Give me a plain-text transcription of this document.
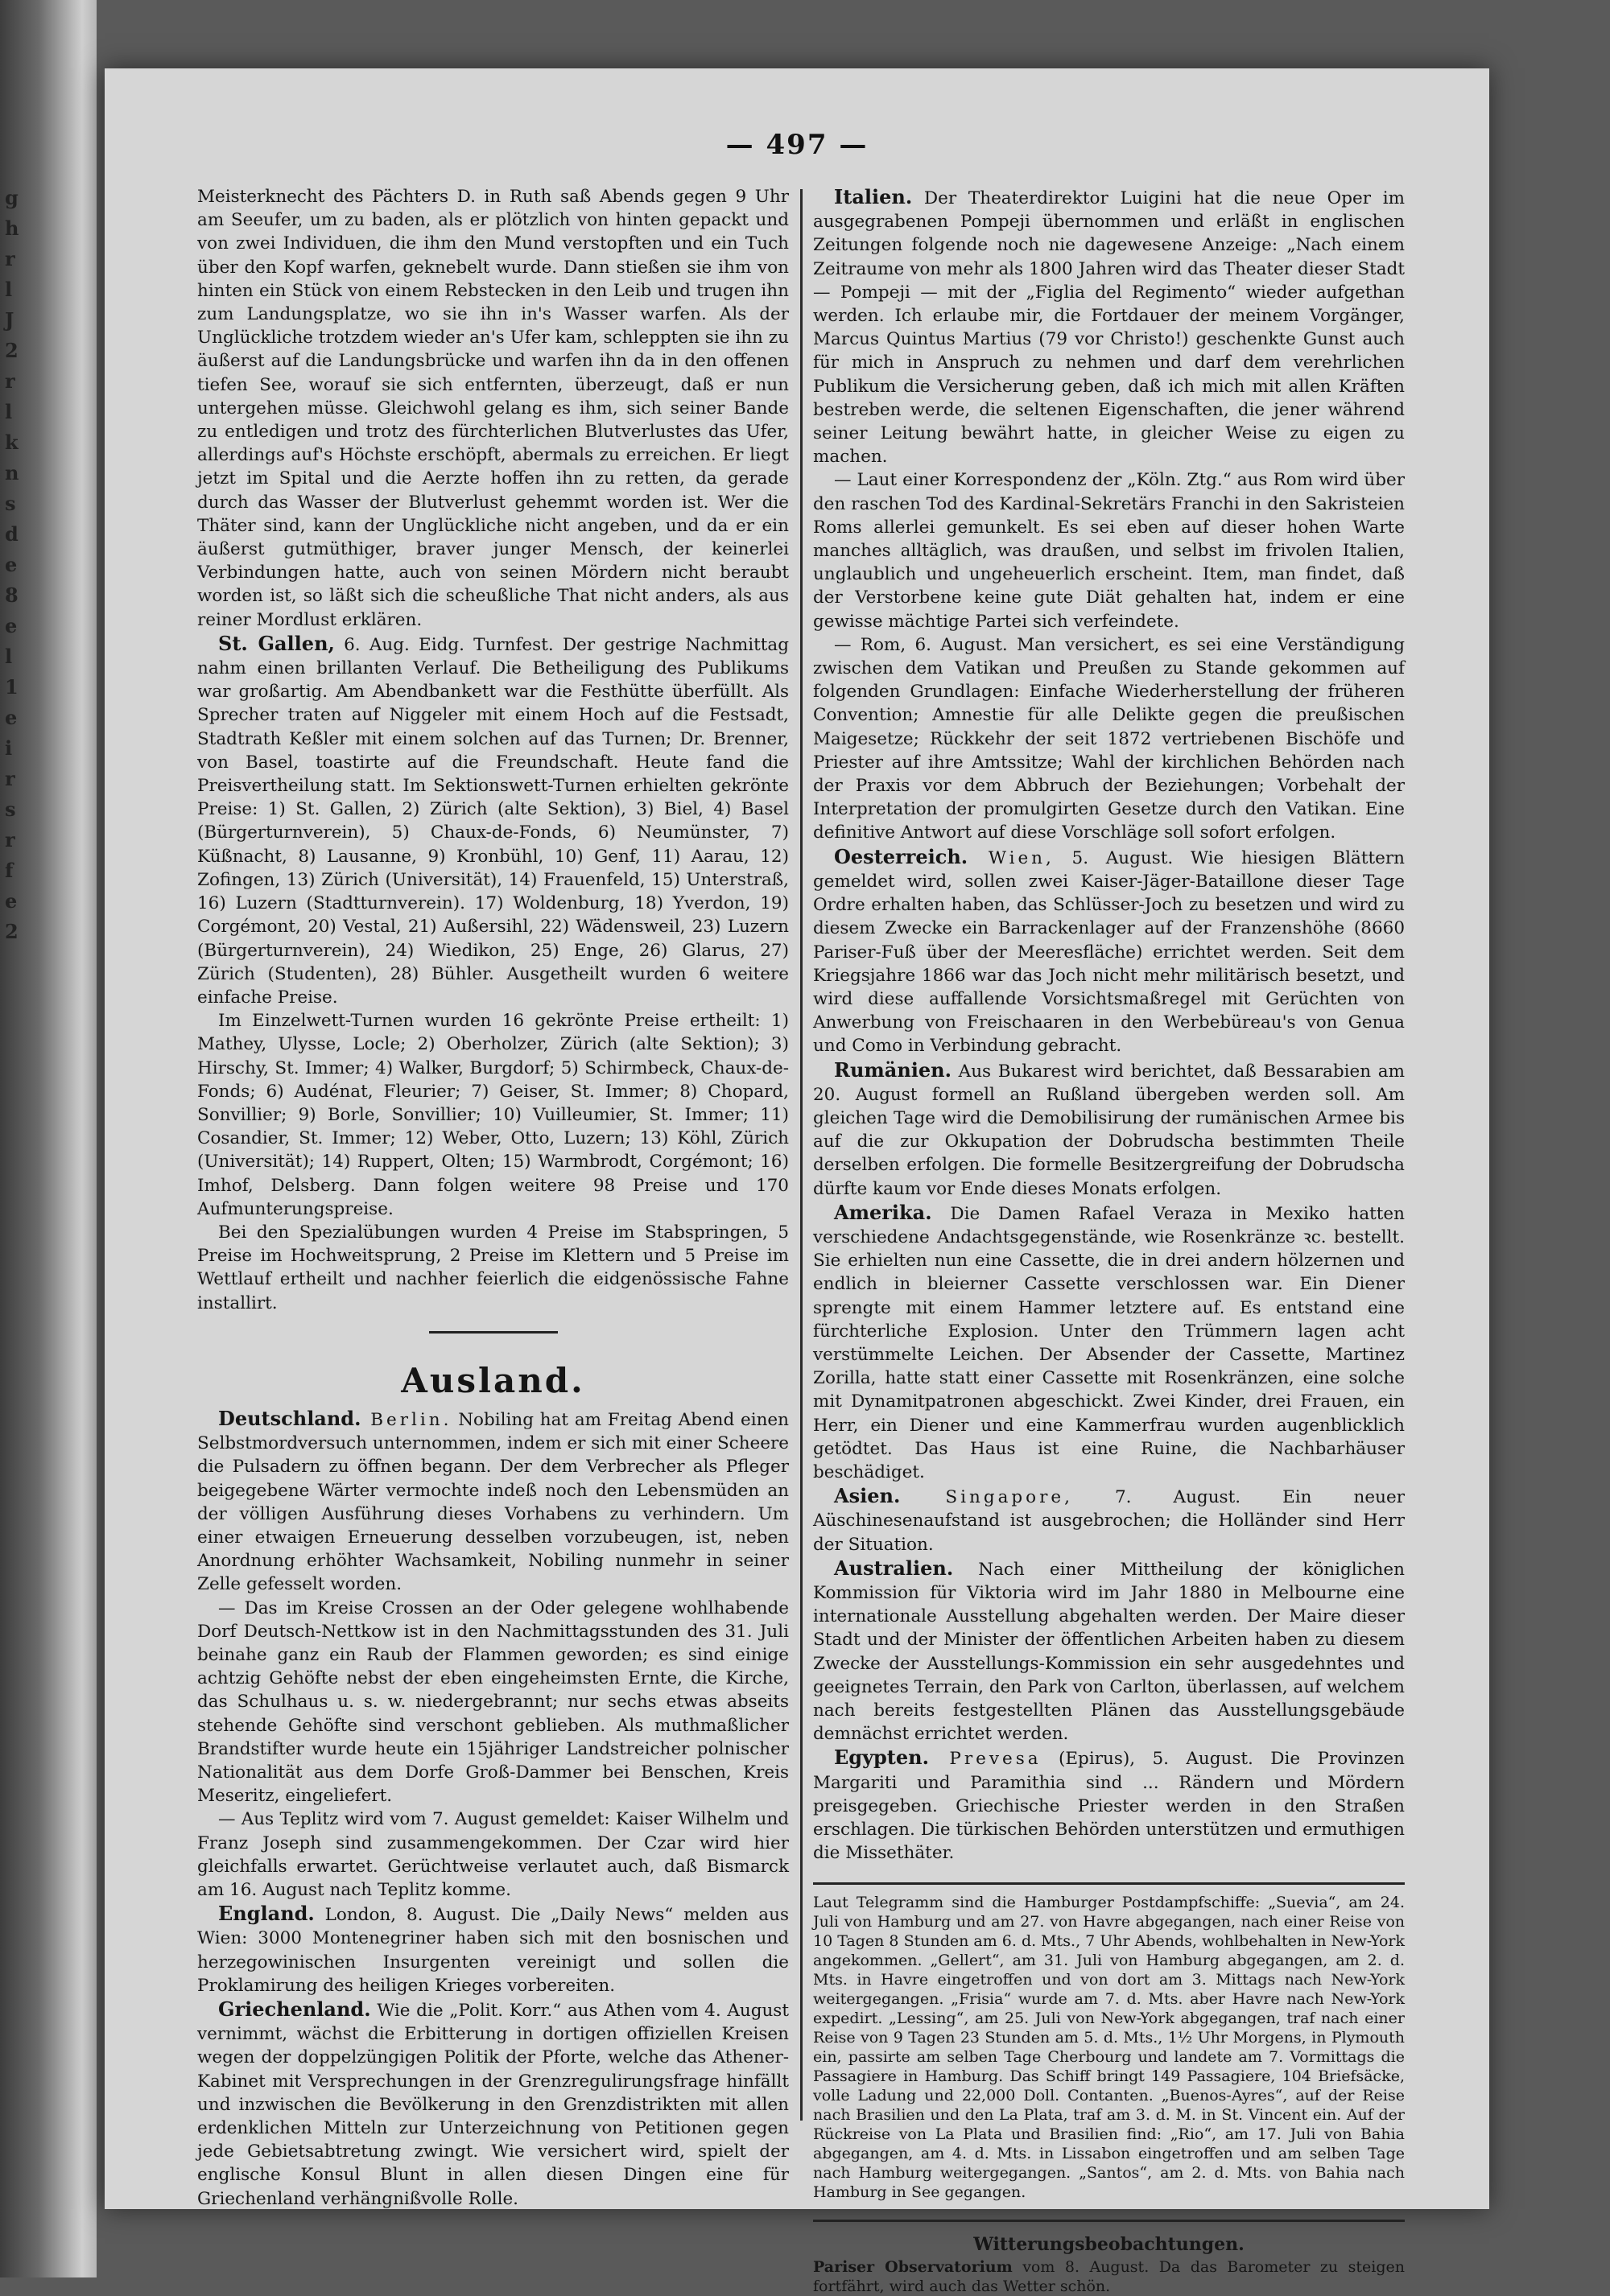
g
h
r
l
J
2
r
l
k
n
s
d
e
8
e
l
1
e
i
r
s
r
f
e
2
— 497 —

Meisterknecht des Pächters D. in Ruth saß Abends gegen 9 Uhr am Seeufer, um zu baden, als er plötzlich von hinten gepackt und von zwei Individuen, die ihm den Mund verstopften und ein Tuch über den Kopf warfen, geknebelt wurde. Dann stießen sie ihm von hinten ein Stück von einem Rebstecken in den Leib und trugen ihn zum Landungsplatze, wo sie ihn in's Wasser warfen. Als der Unglückliche trotzdem wieder an's Ufer kam, schleppten sie ihn zu äußerst auf die Landungsbrücke und warfen ihn da in den offenen tiefen See, worauf sie sich entfernten, überzeugt, daß er nun untergehen müsse. Gleichwohl gelang es ihm, sich seiner Bande zu entledigen und trotz des fürchterlichen Blutverlustes das Ufer, allerdings auf's Höchste erschöpft, abermals zu erreichen. Er liegt jetzt im Spital und die Aerzte hoffen ihn zu retten, da gerade durch das Wasser der Blutverlust gehemmt worden ist. Wer die Thäter sind, kann der Unglückliche nicht angeben, und da er ein äußerst gutmüthiger, braver junger Mensch, der keinerlei Verbindungen hatte, auch von seinen Mördern nicht beraubt worden ist, so läßt sich die scheußliche That nicht anders, als aus reiner Mordlust erklären.

St. Gallen, 6. Aug. Eidg. Turnfest. Der gestrige Nachmittag nahm einen brillanten Verlauf. Die Betheiligung des Publikums war großartig. Am Abendbankett war die Festhütte überfüllt. Als Sprecher traten auf Niggeler mit einem Hoch auf die Festsadt, Stadtrath Keßler mit einem solchen auf das Turnen; Dr. Brenner, von Basel, toastirte auf die Freundschaft. Heute fand die Preisvertheilung statt. Im Sektionswett-Turnen erhielten gekrönte Preise: 1) St. Gallen, 2) Zürich (alte Sektion), 3) Biel, 4) Basel (Bürgerturnverein), 5) Chaux-de-Fonds, 6) Neumünster, 7) Küßnacht, 8) Lausanne, 9) Kronbühl, 10) Genf, 11) Aarau, 12) Zofingen, 13) Zürich (Universität), 14) Frauenfeld, 15) Unterstraß, 16) Luzern (Stadtturnverein). 17) Woldenburg, 18) Yverdon, 19) Corgémont, 20) Vestal, 21) Außersihl, 22) Wädensweil, 23) Luzern (Bürgerturnverein), 24) Wiedikon, 25) Enge, 26) Glarus, 27) Zürich (Studenten), 28) Bühler. Ausgetheilt wurden 6 weitere einfache Preise.

Im Einzelwett-Turnen wurden 16 gekrönte Preise ertheilt: 1) Mathey, Ulysse, Locle; 2) Oberholzer, Zürich (alte Sektion); 3) Hirschy, St. Immer; 4) Walker, Burgdorf; 5) Schirmbeck, Chaux-de-Fonds; 6) Audénat, Fleurier; 7) Geiser, St. Immer; 8) Chopard, Sonvillier; 9) Borle, Sonvillier; 10) Vuilleumier, St. Immer; 11) Cosandier, St. Immer; 12) Weber, Otto, Luzern; 13) Köhl, Zürich (Universität); 14) Ruppert, Olten; 15) Warmbrodt, Corgémont; 16) Imhof, Delsberg. Dann folgen weitere 98 Preise und 170 Aufmunterungspreise.

Bei den Spezialübungen wurden 4 Preise im Stabspringen, 5 Preise im Hochweitsprung, 2 Preise im Klettern und 5 Preise im Wettlauf ertheilt und nachher feierlich die eidgenössische Fahne installirt.

Ausland.

Deutschland. Berlin. Nobiling hat am Freitag Abend einen Selbstmordversuch unternommen, indem er sich mit einer Scheere die Pulsadern zu öffnen begann. Der dem Verbrecher als Pfleger beigegebene Wärter vermochte indeß noch den Lebensmüden an der völligen Ausführung dieses Vorhabens zu verhindern. Um einer etwaigen Erneuerung desselben vorzubeugen, ist, neben Anordnung erhöhter Wachsamkeit, Nobiling nunmehr in seiner Zelle gefesselt worden.

— Das im Kreise Crossen an der Oder gelegene wohlhabende Dorf Deutsch-Nettkow ist in den Nachmittagsstunden des 31. Juli beinahe ganz ein Raub der Flammen geworden; es sind einige achtzig Gehöfte nebst der eben eingeheimsten Ernte, die Kirche, das Schulhaus u. s. w. niedergebrannt; nur sechs etwas abseits stehende Gehöfte sind verschont geblieben. Als muthmaßlicher Brandstifter wurde heute ein 15jähriger Landstreicher polnischer Nationalität aus dem Dorfe Groß-Dammer bei Benschen, Kreis Meseritz, eingeliefert.

— Aus Teplitz wird vom 7. August gemeldet: Kaiser Wilhelm und Franz Joseph sind zusammengekommen. Der Czar wird hier gleichfalls erwartet. Gerüchtweise verlautet auch, daß Bismarck am 16. August nach Teplitz komme.

England. London, 8. August. Die „Daily News“ melden aus Wien: 3000 Montenegriner haben sich mit den bosnischen und herzegowinischen Insurgenten vereinigt und sollen die Proklamirung des heiligen Krieges vorbereiten.

Griechenland. Wie die „Polit. Korr.“ aus Athen vom 4. August vernimmt, wächst die Erbitterung in dortigen offiziellen Kreisen wegen der doppelzüngigen Politik der Pforte, welche das Athener-Kabinet mit Versprechungen in der Grenzregulirungsfrage hinfällt und inzwischen die Bevölkerung in den Grenzdistrikten mit allen erdenklichen Mitteln zur Unterzeichnung von Petitionen gegen jede Gebietsabtretung zwingt. Wie versichert wird, spielt der englische Konsul Blunt in allen diesen Dingen eine für Griechenland verhängnißvolle Rolle.

Italien. Der Theaterdirektor Luigini hat die neue Oper im ausgegrabenen Pompeji übernommen und erläßt in englischen Zeitungen folgende noch nie dagewesene Anzeige: „Nach einem Zeitraume von mehr als 1800 Jahren wird das Theater dieser Stadt — Pompeji — mit der „Figlia del Regimento“ wieder aufgethan werden. Ich erlaube mir, die Fortdauer der meinem Vorgänger, Marcus Quintus Martius (79 vor Christo!) geschenkte Gunst auch für mich in Anspruch zu nehmen und darf dem verehrlichen Publikum die Versicherung geben, daß ich mich mit allen Kräften bestreben werde, die seltenen Eigenschaften, die jener während seiner Leitung bewährt hatte, in gleicher Weise zu eigen zu machen.

— Laut einer Korrespondenz der „Köln. Ztg.“ aus Rom wird über den raschen Tod des Kardinal-Sekretärs Franchi in den Sakristeien Roms allerlei gemunkelt. Es sei eben auf dieser hohen Warte manches alltäglich, was draußen, und selbst im frivolen Italien, unglaublich und ungeheuerlich erscheint. Item, man findet, daß der Verstorbene keine gute Diät gehalten hat, indem er eine gewisse mächtige Partei sich verfeindete.

— Rom, 6. August. Man versichert, es sei eine Verständigung zwischen dem Vatikan und Preußen zu Stande gekommen auf folgenden Grundlagen: Einfache Wiederherstellung der früheren Convention; Amnestie für alle Delikte gegen die preußischen Maigesetze; Rückkehr der seit 1872 vertriebenen Bischöfe und Priester auf ihre Amtssitze; Wahl der kirchlichen Behörden nach der Praxis vor dem Abbruch der Beziehungen; Vorbehalt der Interpretation der promulgirten Gesetze durch den Vatikan. Eine definitive Antwort auf diese Vorschläge soll sofort erfolgen.

Oesterreich. Wien, 5. August. Wie hiesigen Blättern gemeldet wird, sollen zwei Kaiser-Jäger-Bataillone dieser Tage Ordre erhalten haben, das Schlüsser-Joch zu besetzen und wird zu diesem Zwecke ein Barrackenlager auf der Franzenshöhe (8660 Pariser-Fuß über der Meeresfläche) errichtet werden. Seit dem Kriegsjahre 1866 war das Joch nicht mehr militärisch besetzt, und wird diese auffallende Vorsichtsmaßregel mit Gerüchten von Anwerbung von Freischaaren in den Werbebüreau's von Genua und Como in Verbindung gebracht.

Rumänien. Aus Bukarest wird berichtet, daß Bessarabien am 20. August formell an Rußland übergeben werden soll. Am gleichen Tage wird die Demobilisirung der rumänischen Armee bis auf die zur Okkupation der Dobrudscha bestimmten Theile derselben erfolgen. Die formelle Besitzergreifung der Dobrudscha dürfte kaum vor Ende dieses Monats erfolgen.

Amerika. Die Damen Rafael Veraza in Mexiko hatten verschiedene Andachtsgegenstände, wie Rosenkränze ꝛc. bestellt. Sie erhielten nun eine Cassette, die in drei andern hölzernen und endlich in bleierner Cassette verschlossen war. Ein Diener sprengte mit einem Hammer letztere auf. Es entstand eine fürchterliche Explosion. Unter den Trümmern lagen acht verstümmelte Leichen. Der Absender der Cassette, Martinez Zorilla, hatte statt einer Cassette mit Rosenkränzen, eine solche mit Dynamitpatronen abgeschickt. Zwei Kinder, drei Frauen, ein Herr, ein Diener und eine Kammerfrau wurden augenblicklich getödtet. Das Haus ist eine Ruine, die Nachbarhäuser beschädiget.

Asien. Singapore, 7. August. Ein neuer Aüschinesenaufstand ist ausgebrochen; die Holländer sind Herr der Situation.

Australien. Nach einer Mittheilung der königlichen Kommission für Viktoria wird im Jahr 1880 in Melbourne eine internationale Ausstellung abgehalten werden. Der Maire dieser Stadt und der Minister der öffentlichen Arbeiten haben zu diesem Zwecke der Ausstellungs-Kommission ein sehr ausgedehntes und geeignetes Terrain, den Park von Carlton, überlassen, auf welchem nach bereits festgestellten Plänen das Ausstellungsgebäude demnächst errichtet werden.

Egypten. Prevesa (Epirus), 5. August. Die Provinzen Margariti und Paramithia sind ... Rändern und Mördern preisgegeben. Griechische Priester werden in den Straßen erschlagen. Die türkischen Behörden unterstützen und ermuthigen die Missethäter.

Laut Telegramm sind die Hamburger Postdampfschiffe: „Suevia“, am 24. Juli von Hamburg und am 27. von Havre abgegangen, nach einer Reise von 10 Tagen 8 Stunden am 6. d. Mts., 7 Uhr Abends, wohlbehalten in New-York angekommen. „Gellert“, am 31. Juli von Hamburg abgegangen, am 2. d. Mts. in Havre eingetroffen und von dort am 3. Mittags nach New-York weitergegangen. „Frisia“ wurde am 7. d. Mts. aber Havre nach New-York expedirt. „Lessing“, am 25. Juli von New-York abgegangen, traf nach einer Reise von 9 Tagen 23 Stunden am 5. d. Mts., 1½ Uhr Morgens, in Plymouth ein, passirte am selben Tage Cherbourg und landete am 7. Vormittags die Passagiere in Hamburg. Das Schiff bringt 149 Passagiere, 104 Briefsäcke, volle Ladung und 22,000 Doll. Contanten. „Buenos-Ayres“, auf der Reise nach Brasilien und den La Plata, traf am 3. d. M. in St. Vincent ein. Auf der Rückreise von La Plata und Brasilien find: „Rio“, am 17. Juli von Bahia abgegangen, am 4. d. Mts. in Lissabon eingetroffen und am selben Tage nach Hamburg weitergegangen. „Santos“, am 2. d. Mts. von Bahia nach Hamburg in See gegangen.

Witterungsbeobachtungen.

Pariser Observatorium vom 8. August. Da das Barometer zu steigen fortfährt, wird auch das Wetter schön.
